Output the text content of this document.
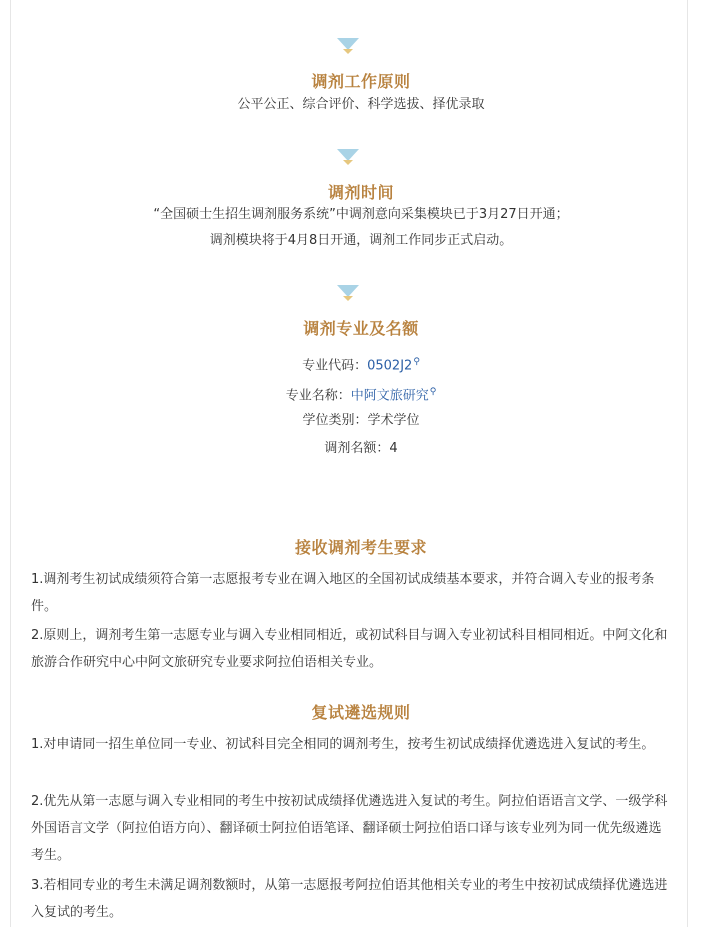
调剂工作原则
公平公正、综合评价、科学选拔、择优录取
调剂时间
“全国硕士生招生调剂服务系统”中调剂意向采集模块已于3月27日开通；
调剂模块将于4月8日开通，调剂工作同步正式启动。
调剂专业及名额
专业代码：0502J2⚲
专业名称：中阿文旅研究⚲
学位类别：学术学位
调剂名额：4
接收调剂考生要求

1.调剂考生初试成绩须符合第一志愿报考专业在调入地区的全国初试成绩基本要求，并符合调入专业的报考条件。

2.原则上，调剂考生第一志愿专业与调入专业相同相近，或初试科目与调入专业初试科目相同相近。中阿文化和旅游合作研究中心中阿文旅研究专业要求阿拉伯语相关专业。

复试遴选规则

1.对申请同一招生单位同一专业、初试科目完全相同的调剂考生，按考生初试成绩择优遴选进入复试的考生。

2.优先从第一志愿与调入专业相同的考生中按初试成绩择优遴选进入复试的考生。阿拉伯语语言文学、一级学科外国语言文学（阿拉伯语方向）、翻译硕士阿拉伯语笔译、翻译硕士阿拉伯语口译与该专业列为同一优先级遴选考生。

3.若相同专业的考生未满足调剂数额时，从第一志愿报考阿拉伯语其他相关专业的考生中按初试成绩择优遴选进入复试的考生。
